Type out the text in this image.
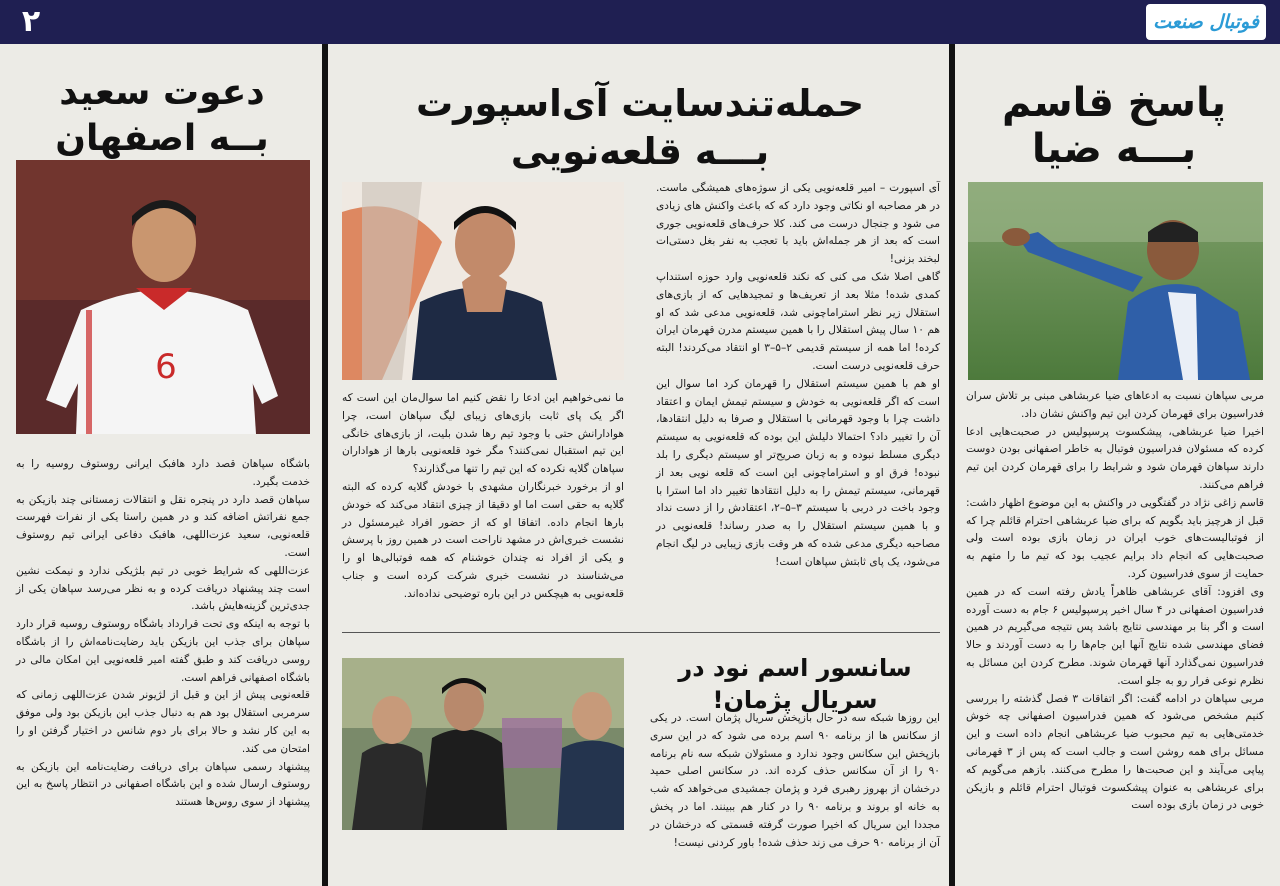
۲	فوتبال صنعت
پاسخ قاسم
بـــه ضیا

مربی سپاهان نسبت به ادعاهای ضیا عربشاهی مبنی بر تلاش سران فدراسیون برای قهرمان کردن این تیم واکنش نشان داد.

اخیرا ضیا عربشاهی، پیشکسوت پرسپولیس در صحبت‌هایی ادعا کرده که مسئولان فدراسیون فوتبال به خاطر اصفهانی بودن دوست دارند سپاهان قهرمان شود و شرایط را برای قهرمان کردن این تیم فراهم می‌کنند.

قاسم زاغی نژاد در گفتگویی در واکنش به این موضوع اظهار داشت: قبل از هرچیز باید بگویم که برای ضیا عربشاهی احترام قائلم چرا که از فوتبالیست‌های خوب ایران در زمان بازی بوده است ولی صحبت‌هایی که انجام داد برایم عجیب بود که تیم ما را متهم به حمایت از سوی فدراسیون کرد.

وی افزود: آقای عربشاهی ظاهراً یادش رفته است که در همین فدراسیون اصفهانی در ۴ سال اخیر پرسپولیس ۶ جام به دست آورده است و اگر بنا بر مهندسی نتایج باشد پس نتیجه می‌گیریم در همین فضای مهندسی شده نتایج آنها این جام‌ها را به دست آوردند و حالا فدراسیون نمی‌گذارد آنها قهرمان شوند. مطرح کردن این مسائل به نظرم نوعی فرار رو به جلو است.

مربی سپاهان در ادامه گفت: اگر اتفاقات ۳ فصل گذشته را بررسی کنیم مشخص می‌شود که همین فدراسیون اصفهانی چه خوش خدمتی‌هایی به تیم محبوب ضیا عربشاهی انجام داده است و این مسائل برای همه روشن است و جالب است که پس از ۳ قهرمانی پیاپی می‌آیند و این صحبت‌ها را مطرح می‌کنند. بازهم می‌گویم که برای عربشاهی به عنوان پیشکسوت فوتبال احترام قائلم و بازیکن خوبی در زمان بازی بوده است

حمله‌تندسایت آی‌اسپورت
بـــه قلعه‌نویی

آی اسپورت – امیر قلعه‌نویی یکی از سوژه‌های همیشگی ماست. در هر مصاحبه او نکاتی وجود دارد که که باعث واکنش های زیادی می شود و جنجال درست می کند. کلا حرف‌های قلعه‌نویی جوری است که بعد از هر جمله‌اش باید با تعجب به نفر بغل دستی‌ات لبخند بزنی!

گاهی اصلا شک می کنی که نکند قلعه‌نویی وارد حوزه استنداپ کمدی شده! مثلا بعد از تعریف‌ها و تمجیدهایی که از بازی‌های استقلال زیر نظر استراماچونی شد، قلعه‌نویی مدعی شد که او هم ۱۰ سال پیش استقلال را با همین سیستم مدرن قهرمان ایران کرده! اما همه از سیستم قدیمی ۲–۵–۳ او انتقاد می‌کردند! البته حرف قلعه‌نویی درست است.

او هم با همین سیستم استقلال را قهرمان کرد اما سوال این است که اگر قلعه‌نویی به خودش و سیستم تیمش ایمان و اعتقاد داشت چرا با وجود قهرمانی با استقلال و صرفا به دلیل انتقادها، آن را تغییر داد؟ احتمالا دلیلش این بوده که قلعه‌نویی به سیستم دیگری مسلط نبوده و به زبان صریح‌تر او سیستم دیگری را بلد نبوده! فرق او و استراماچونی این است که قلعه نویی بعد از قهرمانی، سیستم تیمش را به دلیل انتقادها تغییر داد اما استرا با وجود باخت در دربی با سیستم ۳–۵–۲، اعتقادش را از دست نداد و با همین سیستم استقلال را به صدر رساند! قلعه‌نویی در مصاحبه دیگری مدعی شده که هر وقت بازی زیبایی در لیگ انجام می‌شود، یک پای ثابتش سپاهان است!

ما نمی‌خواهیم این ادعا را نقض کنیم اما سوال‌مان این است که اگر یک پای ثابت بازی‌های زیبای لیگ سپاهان است، چرا هوادارانش حتی با وجود تیم رها شدن بلیت، از بازی‌های خانگی این تیم استقبال نمی‌کنند؟ مگر خود قلعه‌نویی بارها از هواداران سپاهان گلایه نکرده که این تیم را تنها می‌گذارند؟

او از برخورد خبرنگاران مشهدی با خودش گلایه کرده که البته گلایه به حقی است اما او دقیقا از چیزی انتقاد می‌کند که خودش بارها انجام داده. اتفاقا او که از حضور افراد غیرمسئول در نشست خبری‌اش در مشهد ناراحت است در همین روز با پرسش و یکی از افراد نه چندان خوشنام که همه فوتبالی‌ها او را می‌شناسند در نشست خبری شرکت کرده است و جناب قلعه‌نویی به هیچکس در این باره توضیحی نداده‌اند.

سانسور اسم نود در سریال پژمان!

این روزها شبکه سه در حال بازپخش سریال پژمان است. در یکی از سکانس ها از برنامه ۹۰ اسم برده می شود که در این سری بازپخش این سکانس وجود ندارد و مسئولان شبکه سه نام برنامه ۹۰ را از آن سکانس حذف کرده اند. در سکانس اصلی حمید درخشان از بهروز رهبری فرد و پژمان جمشیدی می‌خواهد که شب به خانه او بروند و برنامه ۹۰ را در کنار هم ببینند. اما در پخش مجددا این سریال که اخیرا صورت گرفته قسمتی که درخشان در آن از برنامه ۹۰ حرف می زند حذف شده! باور کردنی نیست!

دعوت سعید
بــه اصفهان
6

باشگاه سپاهان قصد دارد هافبک ایرانی روستوف روسیه را به خدمت بگیرد.

سپاهان قصد دارد در پنجره نقل و انتقالات زمستانی چند بازیکن به جمع نفراتش اضافه کند و در همین راستا یکی از نفرات فهرست قلعه‌نویی، سعید عزت‌اللهی، هافبک دفاعی ایرانی تیم روستوف است.

عزت‌اللهی که شرایط خوبی در تیم بلژیکی ندارد و نیمکت نشین است چند پیشنهاد دریافت کرده و به نظر می‌رسد سپاهان یکی از جدی‌ترین گزینه‌هایش باشد.

با توجه به اینکه وی تحت قرارداد باشگاه روستوف روسیه قرار دارد سپاهان برای جذب این بازیکن باید رضایت‌نامه‌اش را از باشگاه روسی دریافت کند و طبق گفته امیر قلعه‌نویی این امکان مالی در باشگاه اصفهانی فراهم است.

قلعه‌نویی پیش از این و قبل از لژیونر شدن عزت‌اللهی زمانی که سرمربی استقلال بود هم به دنبال جذب این بازیکن بود ولی موفق به این کار نشد و حالا برای بار دوم شانس در اختیار گرفتن او را امتحان می کند.

پیشنهاد رسمی سپاهان برای دریافت رضایت‌نامه این بازیکن به روستوف ارسال شده و این باشگاه اصفهانی در انتظار پاسخ به این پیشنهاد از سوی روس‌ها هستند
